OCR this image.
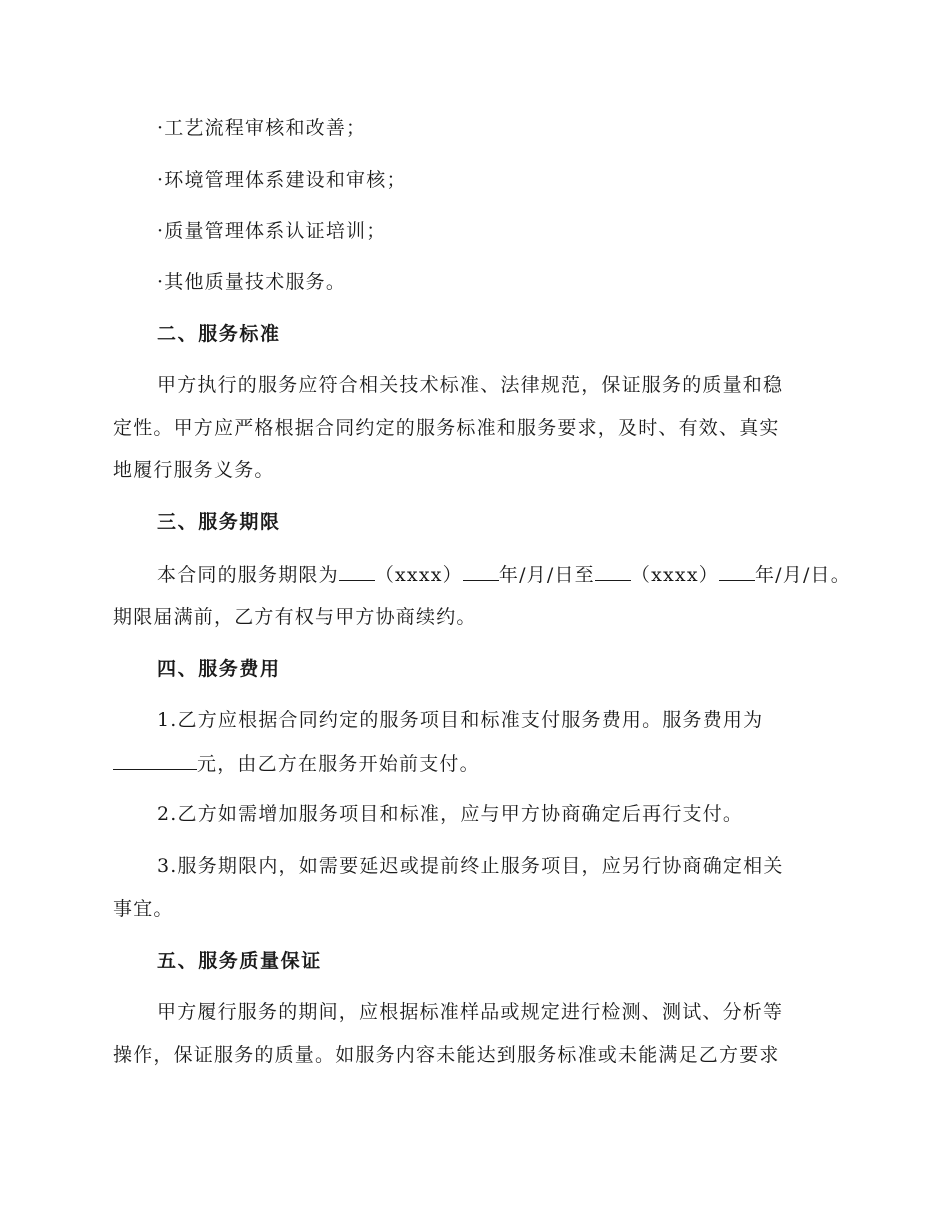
·工艺流程审核和改善；
·环境管理体系建设和审核；
·质量管理体系认证培训；
·其他质量技术服务。
二、服务标准
甲方执行的服务应符合相关技术标准、法律规范，保证服务的质量和稳
定性。甲方应严格根据合同约定的服务标准和服务要求，及时、有效、真实
地履行服务义务。
三、服务期限
本合同的服务期限为 （xxxx） 年/月/日至 （xxxx） 年/月/日。
期限届满前，乙方有权与甲方协商续约。
四、服务费用
1.乙方应根据合同约定的服务项目和标准支付服务费用。服务费用为
元，由乙方在服务开始前支付。
2.乙方如需增加服务项目和标准，应与甲方协商确定后再行支付。
3.服务期限内，如需要延迟或提前终止服务项目，应另行协商确定相关
事宜。
五、服务质量保证
甲方履行服务的期间，应根据标准样品或规定进行检测、测试、分析等
操作，保证服务的质量。如服务内容未能达到服务标准或未能满足乙方要求
